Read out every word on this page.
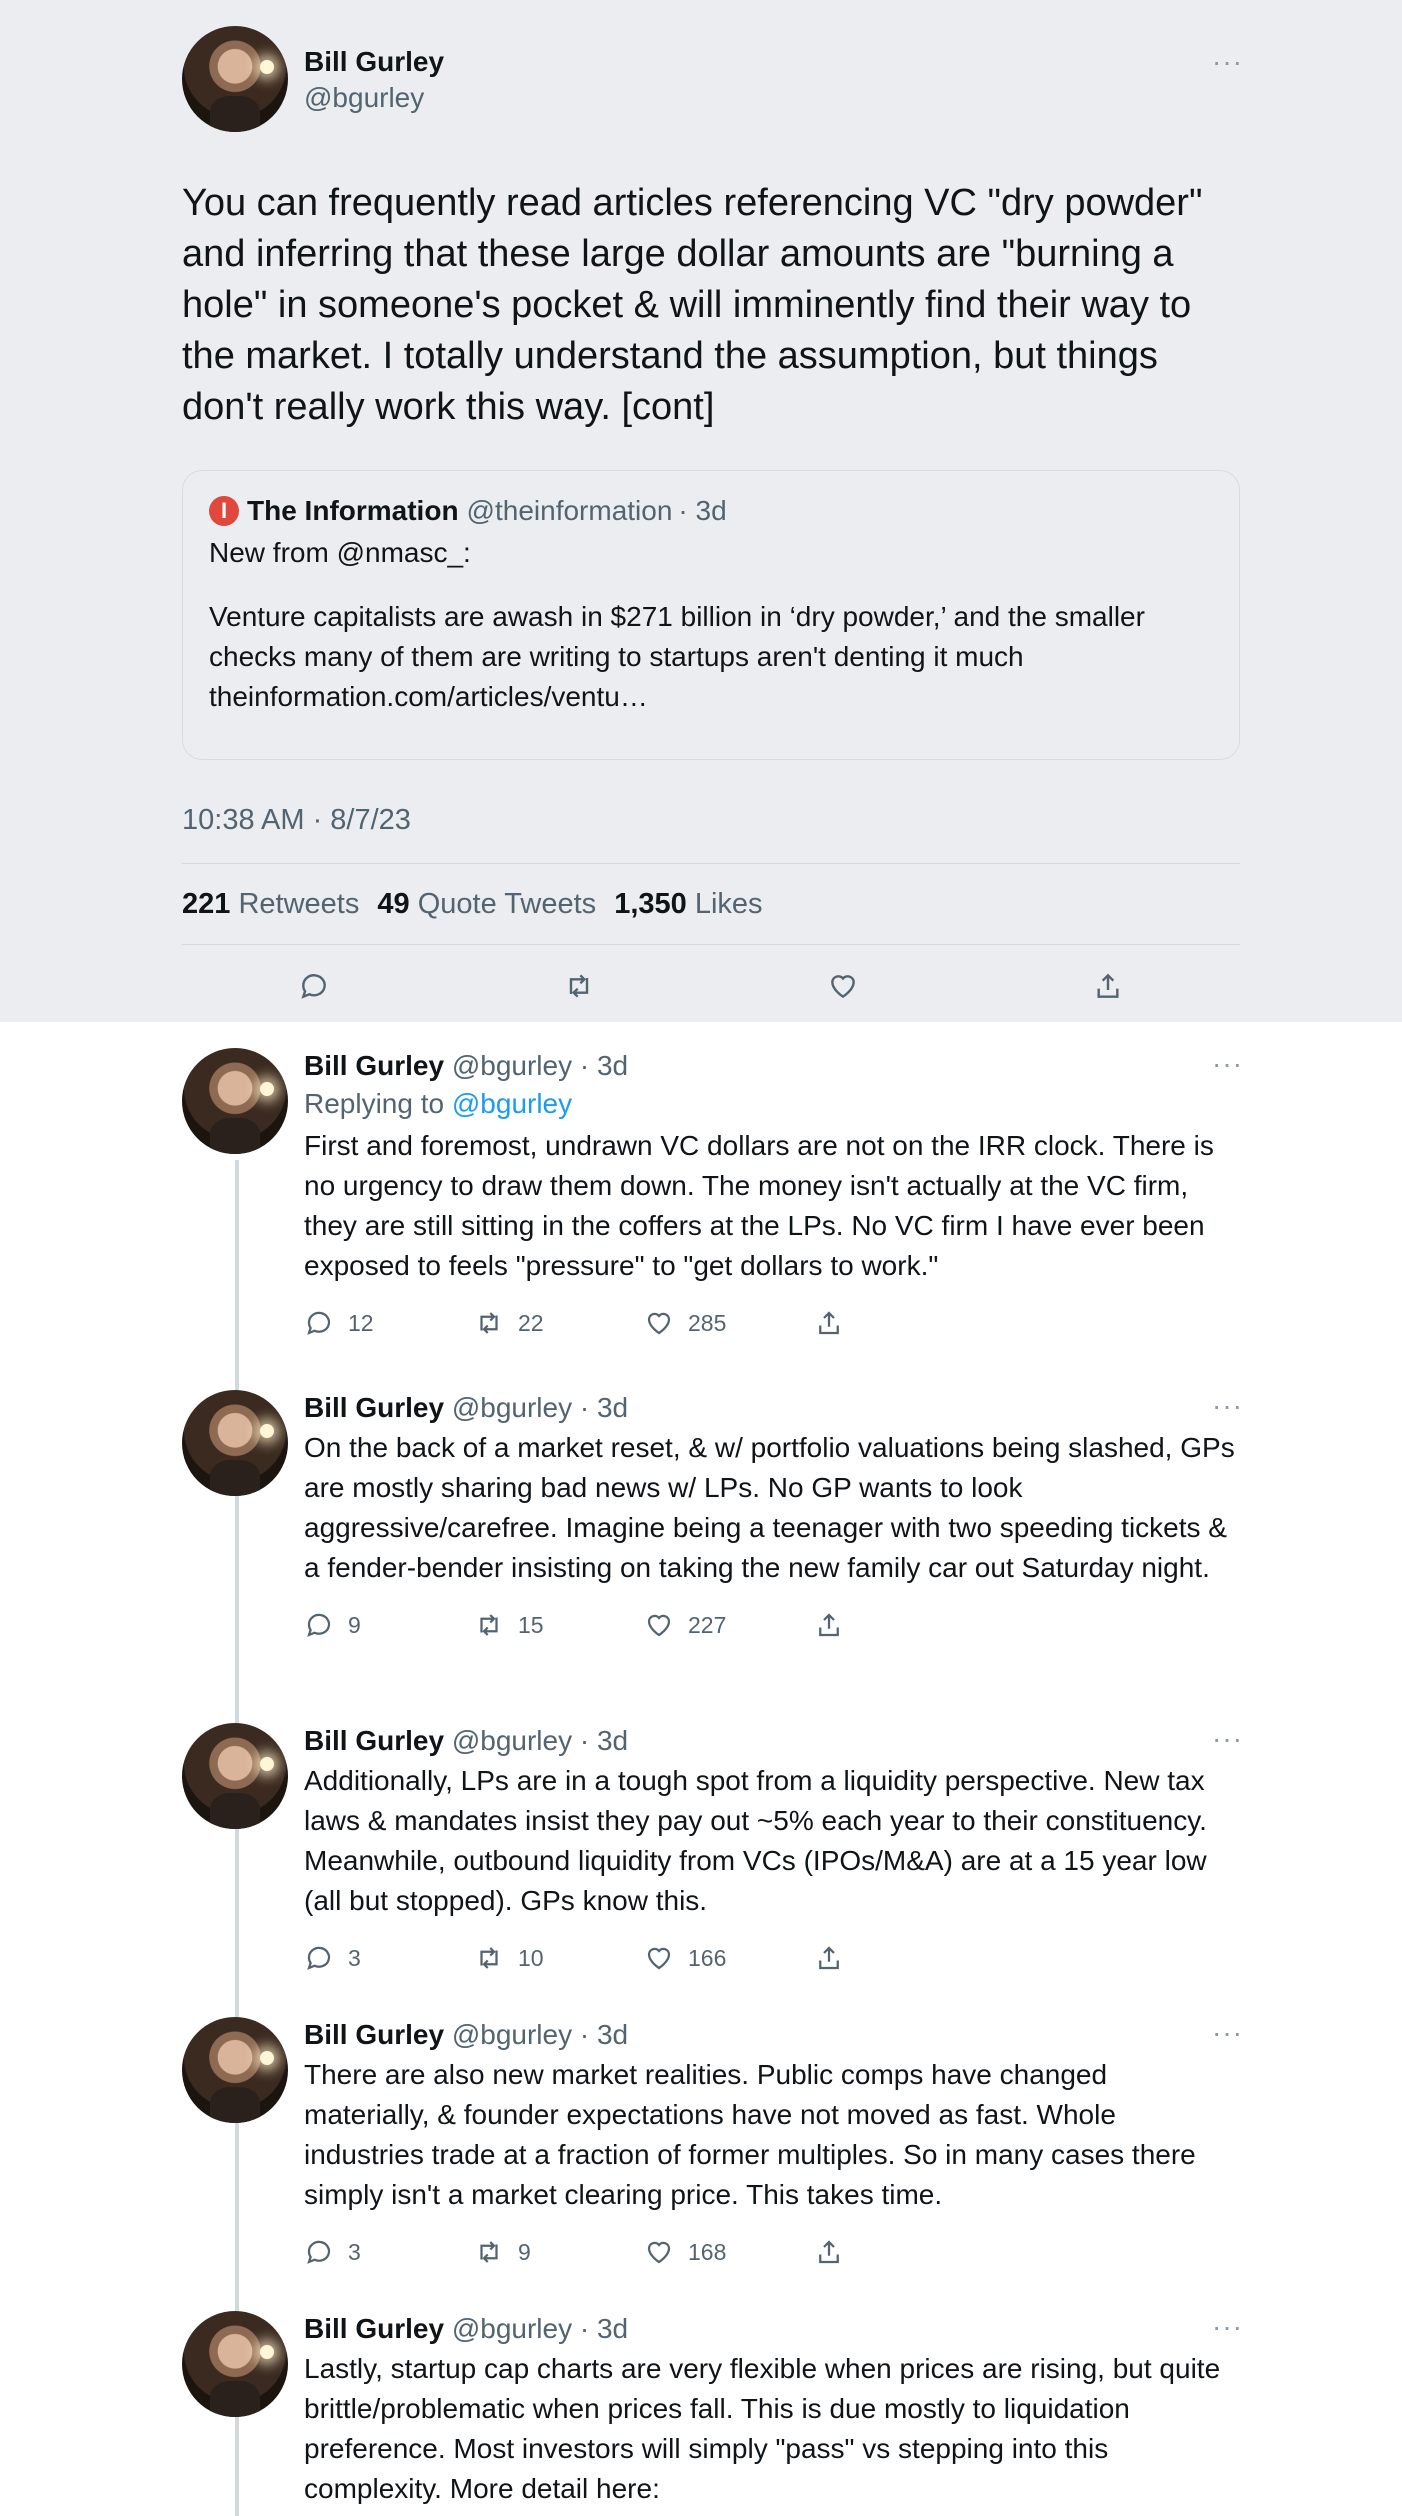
Bill Gurley
@bgurley
···
You can frequently read articles referencing VC "dry powder" and inferring that these large dollar amounts are "burning a hole" in someone's pocket & will imminently find their way to the market. I totally understand the assumption, but things don't really work this way. [cont]
I The Information @theinformation · 3d
New from @nmasc_:
Venture capitalists are awash in $271 billion in ‘dry powder,’ and the smaller checks many of them are writing to startups aren't denting it much
theinformation.com/articles/ventu…
10:38 AM · 8/7/23
221 Retweets 49 Quote Tweets 1,350 Likes
···
Bill Gurley @bgurley · 3d
Replying to @bgurley
First and foremost, undrawn VC dollars are not on the IRR clock. There is no urgency to draw them down. The money isn't actually at the VC firm, they are still sitting in the coffers at the LPs. No VC firm I have ever been exposed to feels "pressure" to "get dollars to work."
12	22	285
···
Bill Gurley @bgurley · 3d
On the back of a market reset, & w/ portfolio valuations being slashed, GPs are mostly sharing bad news w/ LPs. No GP wants to look aggressive/carefree. Imagine being a teenager with two speeding tickets & a fender-bender insisting on taking the new family car out Saturday night.
9	15	227
···
Bill Gurley @bgurley · 3d
Additionally, LPs are in a tough spot from a liquidity perspective. New tax laws & mandates insist they pay out ~5% each year to their constituency. Meanwhile, outbound liquidity from VCs (IPOs/M&A) are at a 15 year low (all but stopped). GPs know this.
3	10	166
···
Bill Gurley @bgurley · 3d
There are also new market realities. Public comps have changed materially, & founder expectations have not moved as fast. Whole industries trade at a fraction of former multiples. So in many cases there simply isn't a market clearing price. This takes time.
3	9	168
···
Bill Gurley @bgurley · 3d
Lastly, startup cap charts are very flexible when prices are rising, but quite brittle/problematic when prices fall. This is due mostly to liquidation preference. Most investors will simply "pass" vs stepping into this complexity. More detail here:
